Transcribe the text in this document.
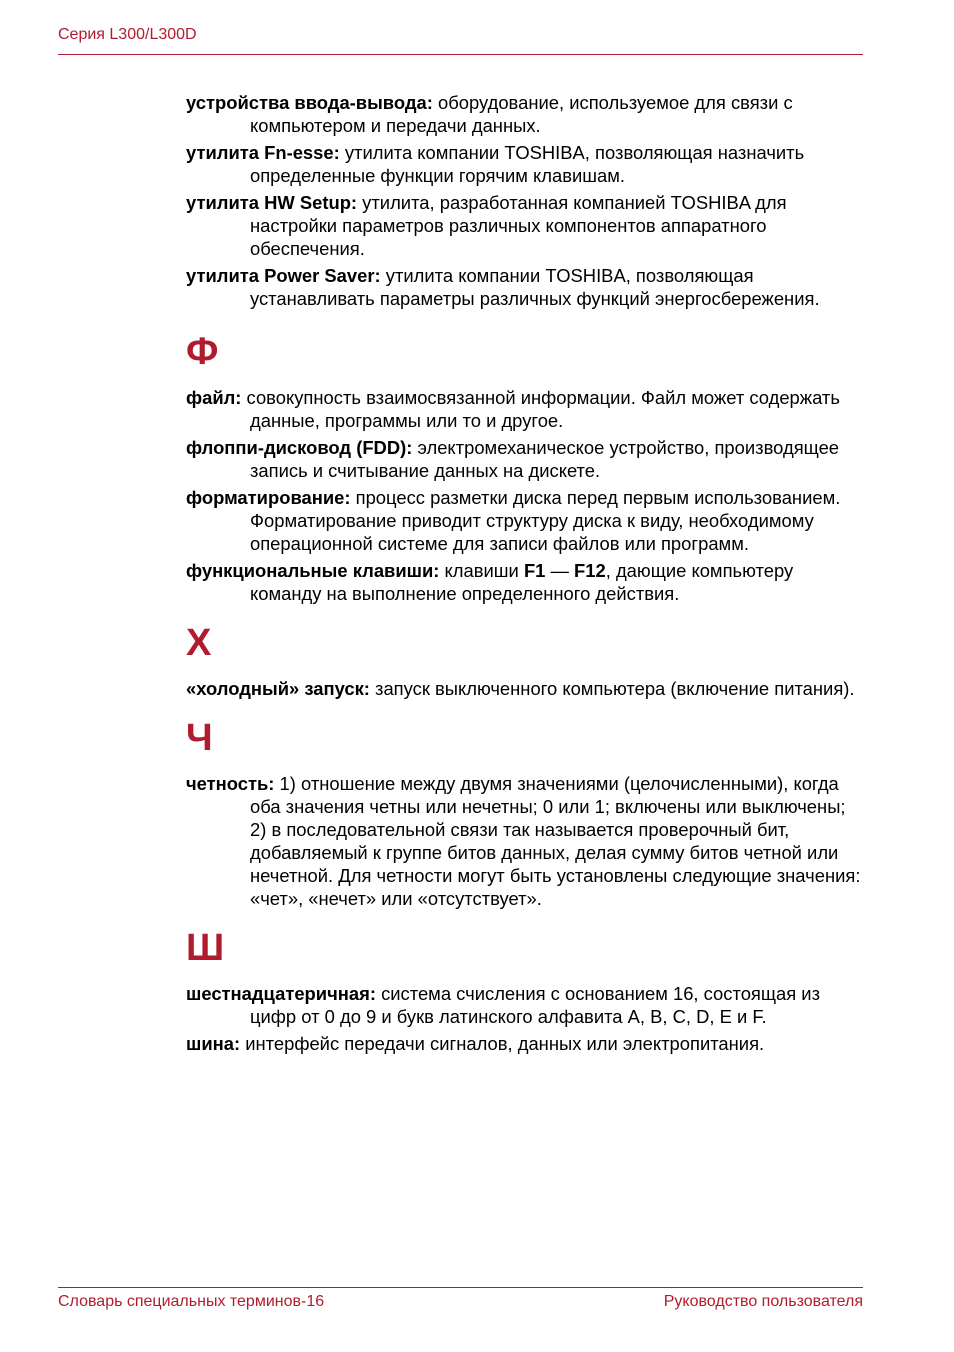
Серия L300/L300D

устройства ввода-вывода: оборудование, используемое для связи с компьютером и передачи данных.

утилита Fn-esse: утилита компании TOSHIBA, позволяющая назначить определенные функции горячим клавишам.

утилита HW Setup: утилита, разработанная компанией TOSHIBA для настройки параметров различных компонентов аппаратного обеспечения.

утилита Power Saver: утилита компании TOSHIBA, позволяющая устанавливать параметры различных функций энергосбережения.

Ф

файл: совокупность взаимосвязанной информации. Файл может содержать данные, программы или то и другое.

флоппи-дисковод (FDD): электромеханическое устройство, производящее запись и считывание данных на дискете.

форматирование: процесс разметки диска перед первым использованием. Форматирование приводит структуру диска к виду, необходимому операционной системе для записи файлов или программ.

функциональные клавиши: клавиши F1 — F12, дающие компьютеру команду на выполнение определенного действия.

Х

«холодный» запуск: запуск выключенного компьютера (включение питания).

Ч

четность: 1) отношение между двумя значениями (целочисленными), когда оба значения четны или нечетны; 0 или 1; включены или выключены;
2) в последовательной связи так называется проверочный бит, добавляемый к группе битов данных, делая сумму битов четной или нечетной. Для четности могут быть установлены следующие значения: «чет», «нечет» или «отсутствует».

Ш

шестнадцатеричная: система счисления с основанием 16, состоящая из цифр от 0 до 9 и букв латинского алфавита A, B, C, D, E и F.

шина: интерфейс передачи сигналов, данных или электропитания.

Словарь специальных терминов-16	Руководство пользователя
